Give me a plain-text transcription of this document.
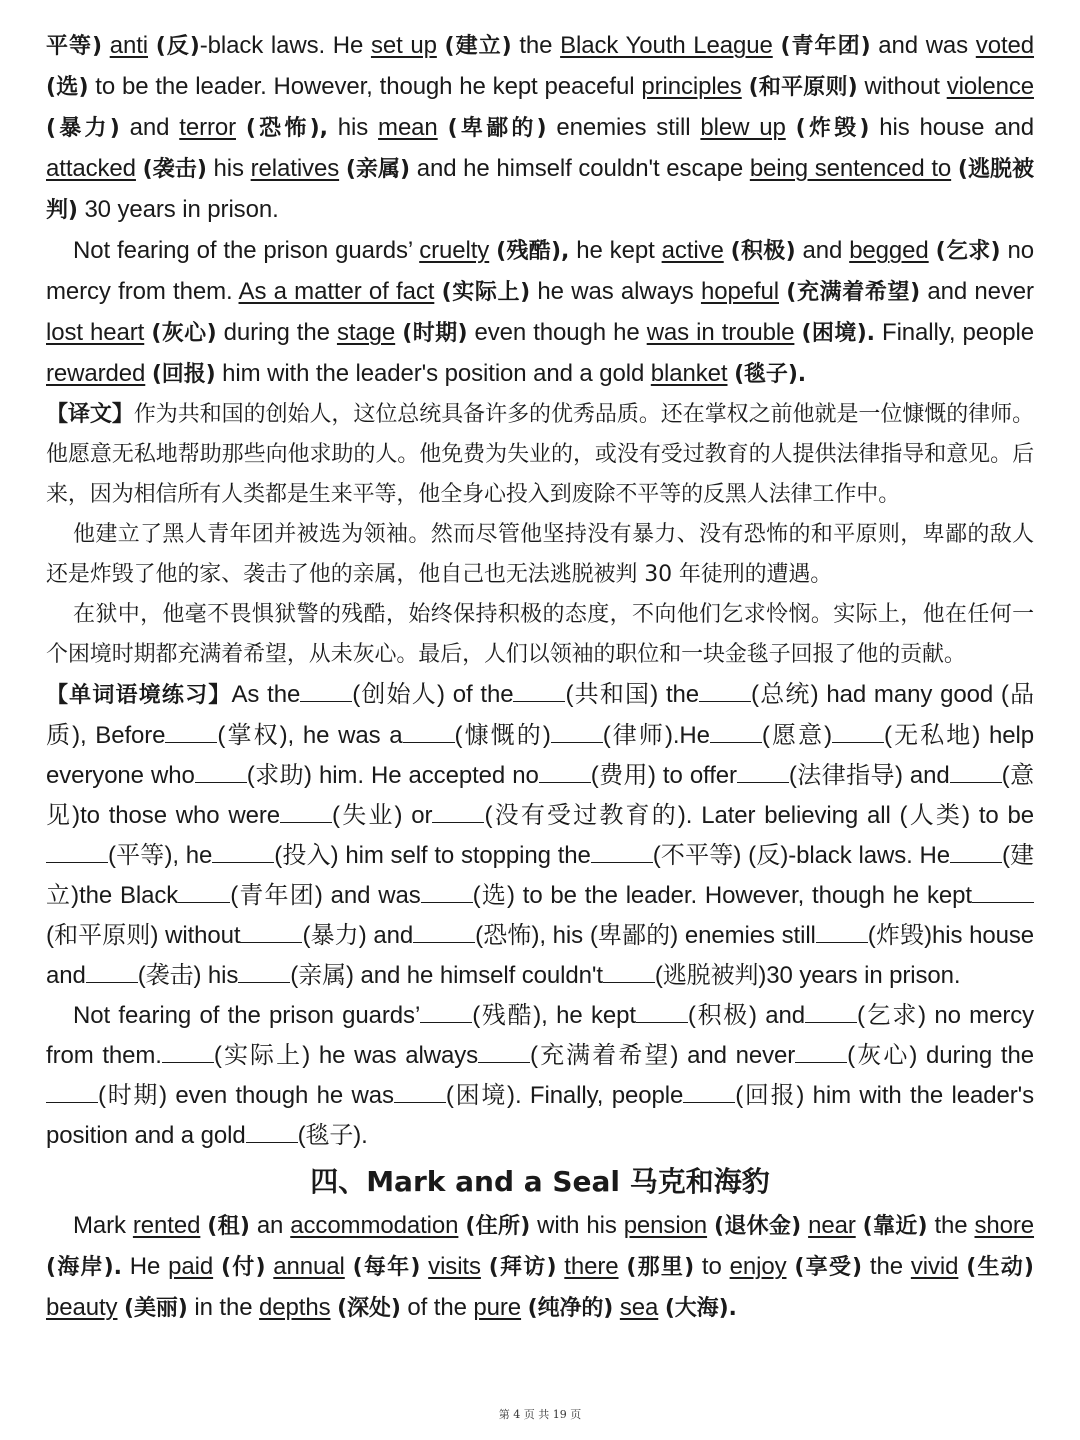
平等) anti (反)-black laws. He set up (建立) the Black Youth League (青年团) and was voted (选) to be the leader. However, though he kept peaceful principles (和平原则) without violence (暴力) and terror (恐怖), his mean (卑鄙的) enemies still blew up (炸毁) his house and attacked (袭击) his relatives (亲属) and he himself couldn't escape being sentenced to (逃脱被判) 30 years in prison.

Not fearing of the prison guards’ cruelty (残酷), he kept active (积极) and begged (乞求) no mercy from them. As a matter of fact (实际上) he was always hopeful (充满着希望) and never lost heart (灰心) during the stage (时期) even though he was in trouble (困境). Finally, people rewarded (回报) him with the leader's position and a gold blanket (毯子).

【译文】作为共和国的创始人，这位总统具备许多的优秀品质。还在掌权之前他就是一位慷慨的律师。他愿意无私地帮助那些向他求助的人。他免费为失业的，或没有受过教育的人提供法律指导和意见。后来，因为相信所有人类都是生来平等，他全身心投入到废除不平等的反黑人法律工作中。

他建立了黑人青年团并被选为领袖。然而尽管他坚持没有暴力、没有恐怖的和平原则，卑鄙的敌人还是炸毁了他的家、袭击了他的亲属，他自己也无法逃脱被判 30 年徒刑的遭遇。

在狱中，他毫不畏惧狱警的残酷，始终保持积极的态度，不向他们乞求怜悯。实际上，他在任何一个困境时期都充满着希望，从未灰心。最后，人们以领袖的职位和一块金毯子回报了他的贡献。

【单词语境练习】As the (创始人) of the (共和国) the (总统) had many good (品质), Before (掌权), he was a (慷慨的) (律师).He (愿意) (无私地) help everyone who (求助) him. He accepted no (费用) to offer (法律指导) and (意见)to those who were (失业) or (没有受过教育的). Later believing all (人类) to be(平等), he	(投入) him self to stopping the	(不平等) (反)-black laws. He (建立)the Black (青年团) and was (选) to be the leader. However, though he kept(和平原则) without	(暴力) and	(恐怖), his (卑鄙的) enemies still (炸毁)his house and (袭击) his (亲属) and he himself couldn't (逃脱被判)30 years in prison.

Not fearing of the prison guards’ (残酷), he kept (积极) and (乞求) no mercy from them. (实际上) he was always (充满着希望) and never (灰心) during the(时期) even though he was (困境). Finally, people (回报) him with the leader's position and a gold (毯子).

四、Mark and a Seal 马克和海豹

Mark rented (租) an accommodation (住所) with his pension (退休金) near (靠近) the shore (海岸). He paid (付) annual (每年) visits (拜访) there (那里) to enjoy (享受) the vivid (生动) beauty (美丽) in the depths (深处) of the pure (纯净的) sea (大海).

第 4 页 共 19 页
